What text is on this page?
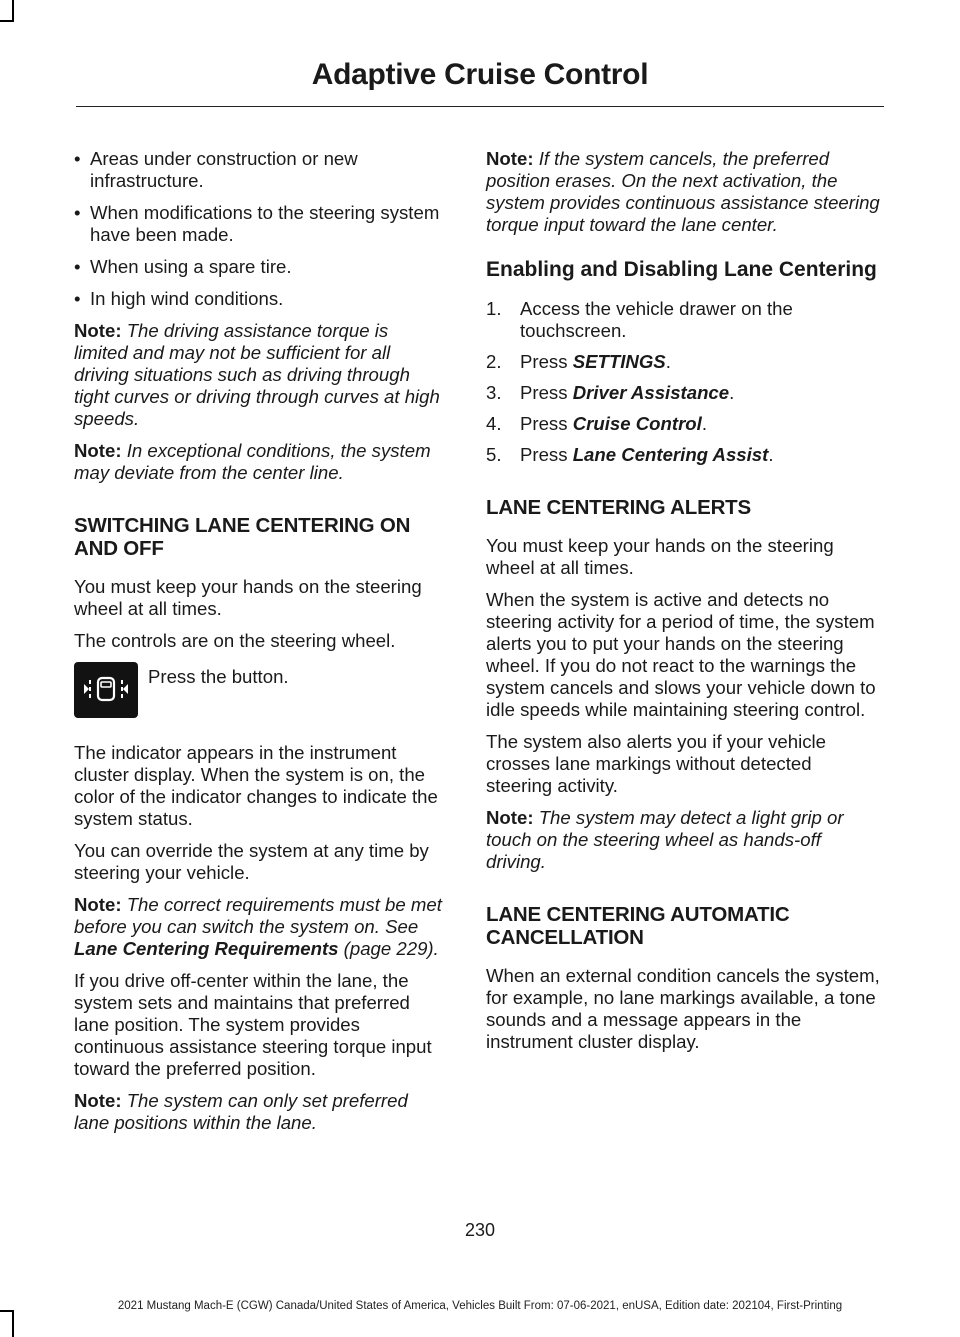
Adaptive Cruise Control
• Areas under construction or new infrastructure.
• When modifications to the steering system have been made.
• When using a spare tire.
• In high wind conditions.

Note: The driving assistance torque is limited and may not be sufficient for all driving situations such as driving through tight curves or driving through curves at high speeds.

Note: In exceptional conditions, the system may deviate from the center line.

SWITCHING LANE CENTERING ON AND OFF

You must keep your hands on the steering wheel at all times.

The controls are on the steering wheel.

Press the button.

The indicator appears in the instrument cluster display. When the system is on, the color of the indicator changes to indicate the system status.

You can override the system at any time by steering your vehicle.

Note: The correct requirements must be met before you can switch the system on. See Lane Centering Requirements (page 229).

If you drive off-center within the lane, the system sets and maintains that preferred lane position. The system provides continuous assistance steering torque input toward the preferred position.

Note: The system can only set preferred lane positions within the lane.

Note: If the system cancels, the preferred position erases. On the next activation, the system provides continuous assistance steering torque input toward the lane center.

Enabling and Disabling Lane Centering
1. Access the vehicle drawer on the touchscreen.
2. Press SETTINGS.
3. Press Driver Assistance.
4. Press Cruise Control.
5. Press Lane Centering Assist.
LANE CENTERING ALERTS

You must keep your hands on the steering wheel at all times.

When the system is active and detects no steering activity for a period of time, the system alerts you to put your hands on the steering wheel. If you do not react to the warnings the system cancels and slows your vehicle down to idle speeds while maintaining steering control.

The system also alerts you if your vehicle crosses lane markings without detected steering activity.

Note: The system may detect a light grip or touch on the steering wheel as hands-off driving.

LANE CENTERING AUTOMATIC CANCELLATION

When an external condition cancels the system, for example, no lane markings available, a tone sounds and a message appears in the instrument cluster display.

230
2021 Mustang Mach-E (CGW) Canada/United States of America, Vehicles Built From: 07-06-2021, enUSA, Edition date: 202104, First-Printing
